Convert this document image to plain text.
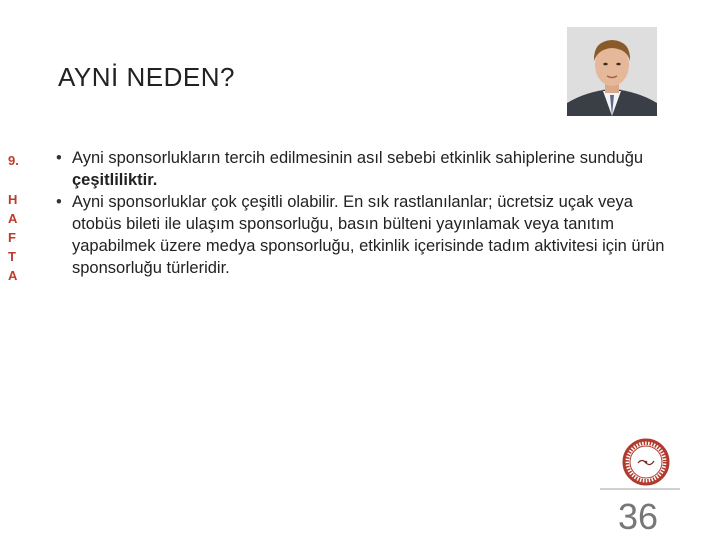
AYNİ NEDEN?
9.
H
A
F
T
A
• Ayni sponsorlukların tercih edilmesinin asıl sebebi etkinlik sahiplerine sunduğu çeşitliliktir.
• Ayni sponsorluklar çok çeşitli olabilir. En sık rastlanılanlar; ücretsiz uçak veya otobüs bileti ile ulaşım sponsorluğu, basın bülteni yayınlamak veya tanıtım yapabilmek üzere medya sponsorluğu, etkinlik içerisinde tadım aktivitesi için ürün sponsorluğu türleridir.
36
